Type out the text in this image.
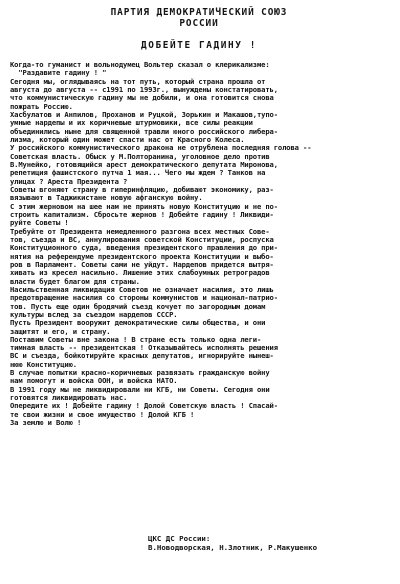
ПАРТИЯ ДЕМОКРАТИЧЕСКИЙ СОЮЗ

РОССИИ

ДОБЕЙТЕ ГАДИНУ !

Когда-то гуманист и вольнодумец Вольтер сказал о клерикализме:
"Раздавите гадину ! "
Сегодня мы, оглядываясь на тот путь, который страна прошла от
августа до августа -- с1991 по 1993г., вынуждены констатировать,
что коммунистическую гадину мы не добили, и она готовится снова
пожрать Россию.
Хасбулатов и Анпилов, Проханов и Руцкой, Зорькин и Макашов,тупо-
умные нардепы и их коричневые штурмовики, все силы реакции
объединились ныне для священной травли юного российского либера-
лизма, который один может спасти нас от Красного Колеса.
У российского коммунистического дракона не отрублена последняя голова --
Советская власть. Обыск у М.Полторанина, уголовное дело против
В.Мунейко, готовящийся арест демократического депутата Миронова,
репетиция фашистского путча 1 мая... Чего мы ждем ? Танков на
улицах ? Ареста Президента ?
Советы вгоняют страну в гиперинфляцию, добивают экономику, раз-
вязывают в Таджикистане новую афганскую войну.
С этим жерновом на шее нам не принять новую Конституцию и не по-
строить капитализм. Сбросьте жернов ! Добейте гадину ! Ликвиди-
руйте Советы !
Требуйте от Президента немедленного разгона всех местных Сове-
тов, съезда и ВС, аннулирования советской Конституции, роспуска
Конституционного суда, введения президентского правления до при-
нятия на референдуме президентского проекта Конституции и выбо-
ров в Парламент. Советы сами не уйдут. Нардепов придется вытря-
хивать из кресел насильно. Лишение этих слабоумных ретроградов
власти будет благом для страны.
Насильственная ликвидация Советов не означает насилия, это лишь
предотвращение насилия со стороны коммунистов и национал-патрио-
тов. Пусть еще один бродячий съезд кочует по загородным домам
культуры вслед за съездом нардепов СССР.
Пусть Президент вооружит демократические силы общества, и они
защитят и его, и страну.
Поставим Советы вне закона ! В стране есть только одна леги-
тимная власть -- президентская ! Отказывайтесь исполнять решения
ВС и съезда, бойкотируйте красных депутатов, игнорируйте нынеш-
нюю Конституцию.
В случае попытки красно-коричневых развязать гражданскую войну
нам помогут и войска ООН, и войска НАТО.
В 1991 году мы не ликвидировали ни КГБ, ни Советы. Сегодня они
готовятся ликвидировать нас.
Опередите их ! Добейте гадину ! Долой Советскую власть ! Спасай-
те свои жизни и свое имущество ! Долой КГБ !
За землю и Волю !
ЦКС ДС России:
В.Новодворская, Н.Злотник, Р.Макушенко
